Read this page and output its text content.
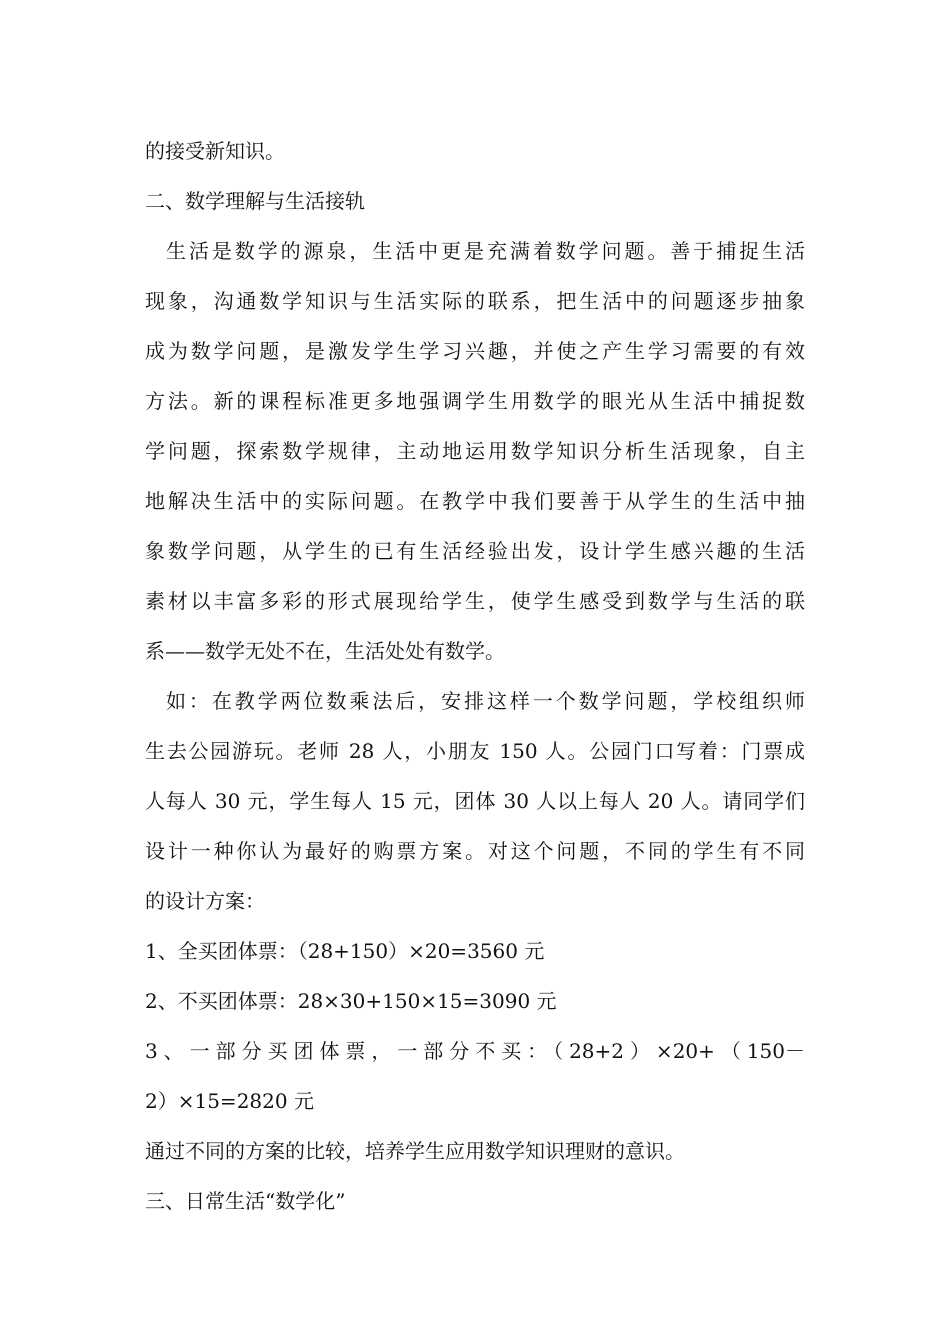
的接受新知识。
二、数学理解与生活接轨
生活是数学的源泉，生活中更是充满着数学问题。善于捕捉生活
现象，沟通数学知识与生活实际的联系，把生活中的问题逐步抽象
成为数学问题，是激发学生学习兴趣，并使之产生学习需要的有效
方法。新的课程标准更多地强调学生用数学的眼光从生活中捕捉数
学问题，探索数学规律，主动地运用数学知识分析生活现象，自主
地解决生活中的实际问题。在教学中我们要善于从学生的生活中抽
象数学问题，从学生的已有生活经验出发，设计学生感兴趣的生活
素材以丰富多彩的形式展现给学生，使学生感受到数学与生活的联
系——数学无处不在，生活处处有数学。
如：在教学两位数乘法后，安排这样一个数学问题，学校组织师
生去公园游玩。老师 28 人，小朋友 150 人。公园门口写着：门票成
人每人 30 元，学生每人 15 元，团体 30 人以上每人 20 人。请同学们
设计一种你认为最好的购票方案。对这个问题，不同的学生有不同
的设计方案：
1、全买团体票：（28+150）×20=3560 元
2、不买团体票：28×30+150×15=3090 元
3、一部分买团体票，一部分不买：（28+2）×20+（150－
2）×15=2820 元
通过不同的方案的比较，培养学生应用数学知识理财的意识。
三、日常生活“数学化”
